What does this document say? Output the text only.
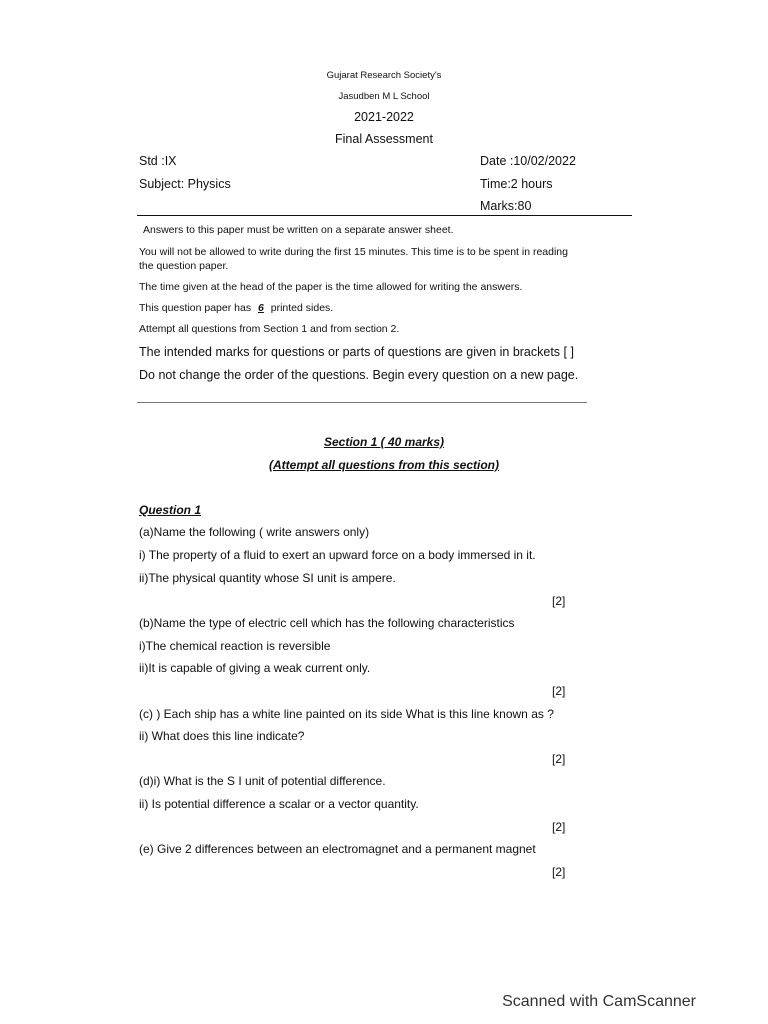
Gujarat Research Society's
Jasudben M L School
2021-2022
Final Assessment
Std :IX	Date :10/02/2022
Subject: Physics	Time:2 hours
Marks:80
Answers to this paper must be written on a separate answer sheet.
You will not be allowed to write during the first 15 minutes. This time is to be spent in reading
the question paper.
The time given at the head of the paper is the time allowed for writing the answers.
This question paper has 6 printed sides.
Attempt all questions from Section 1 and from section 2.
The intended marks for questions or parts of questions are given in brackets [ ]
Do not change the order of the questions. Begin every question on a new page.
Section 1 ( 40 marks)
(Attempt all questions from this section)
Question 1
(a)Name the following ( write answers only)
i) The property of a fluid to exert an upward force on a body immersed in it.
ii)The physical quantity whose SI unit is ampere.
[2]
(b)Name the type of electric cell which has the following characteristics
i)The chemical reaction is reversible
ii)It is capable of giving a weak current only.
[2]
(c) ) Each ship has a white line painted on its side What is this line known as ?
ii) What does this line indicate?
[2]
(d)i) What is the S I unit of potential difference.
ii) Is potential difference a scalar or a vector quantity.
[2]
(e) Give 2 differences between an electromagnet and a permanent magnet
[2]
Scanned with CamScanner
